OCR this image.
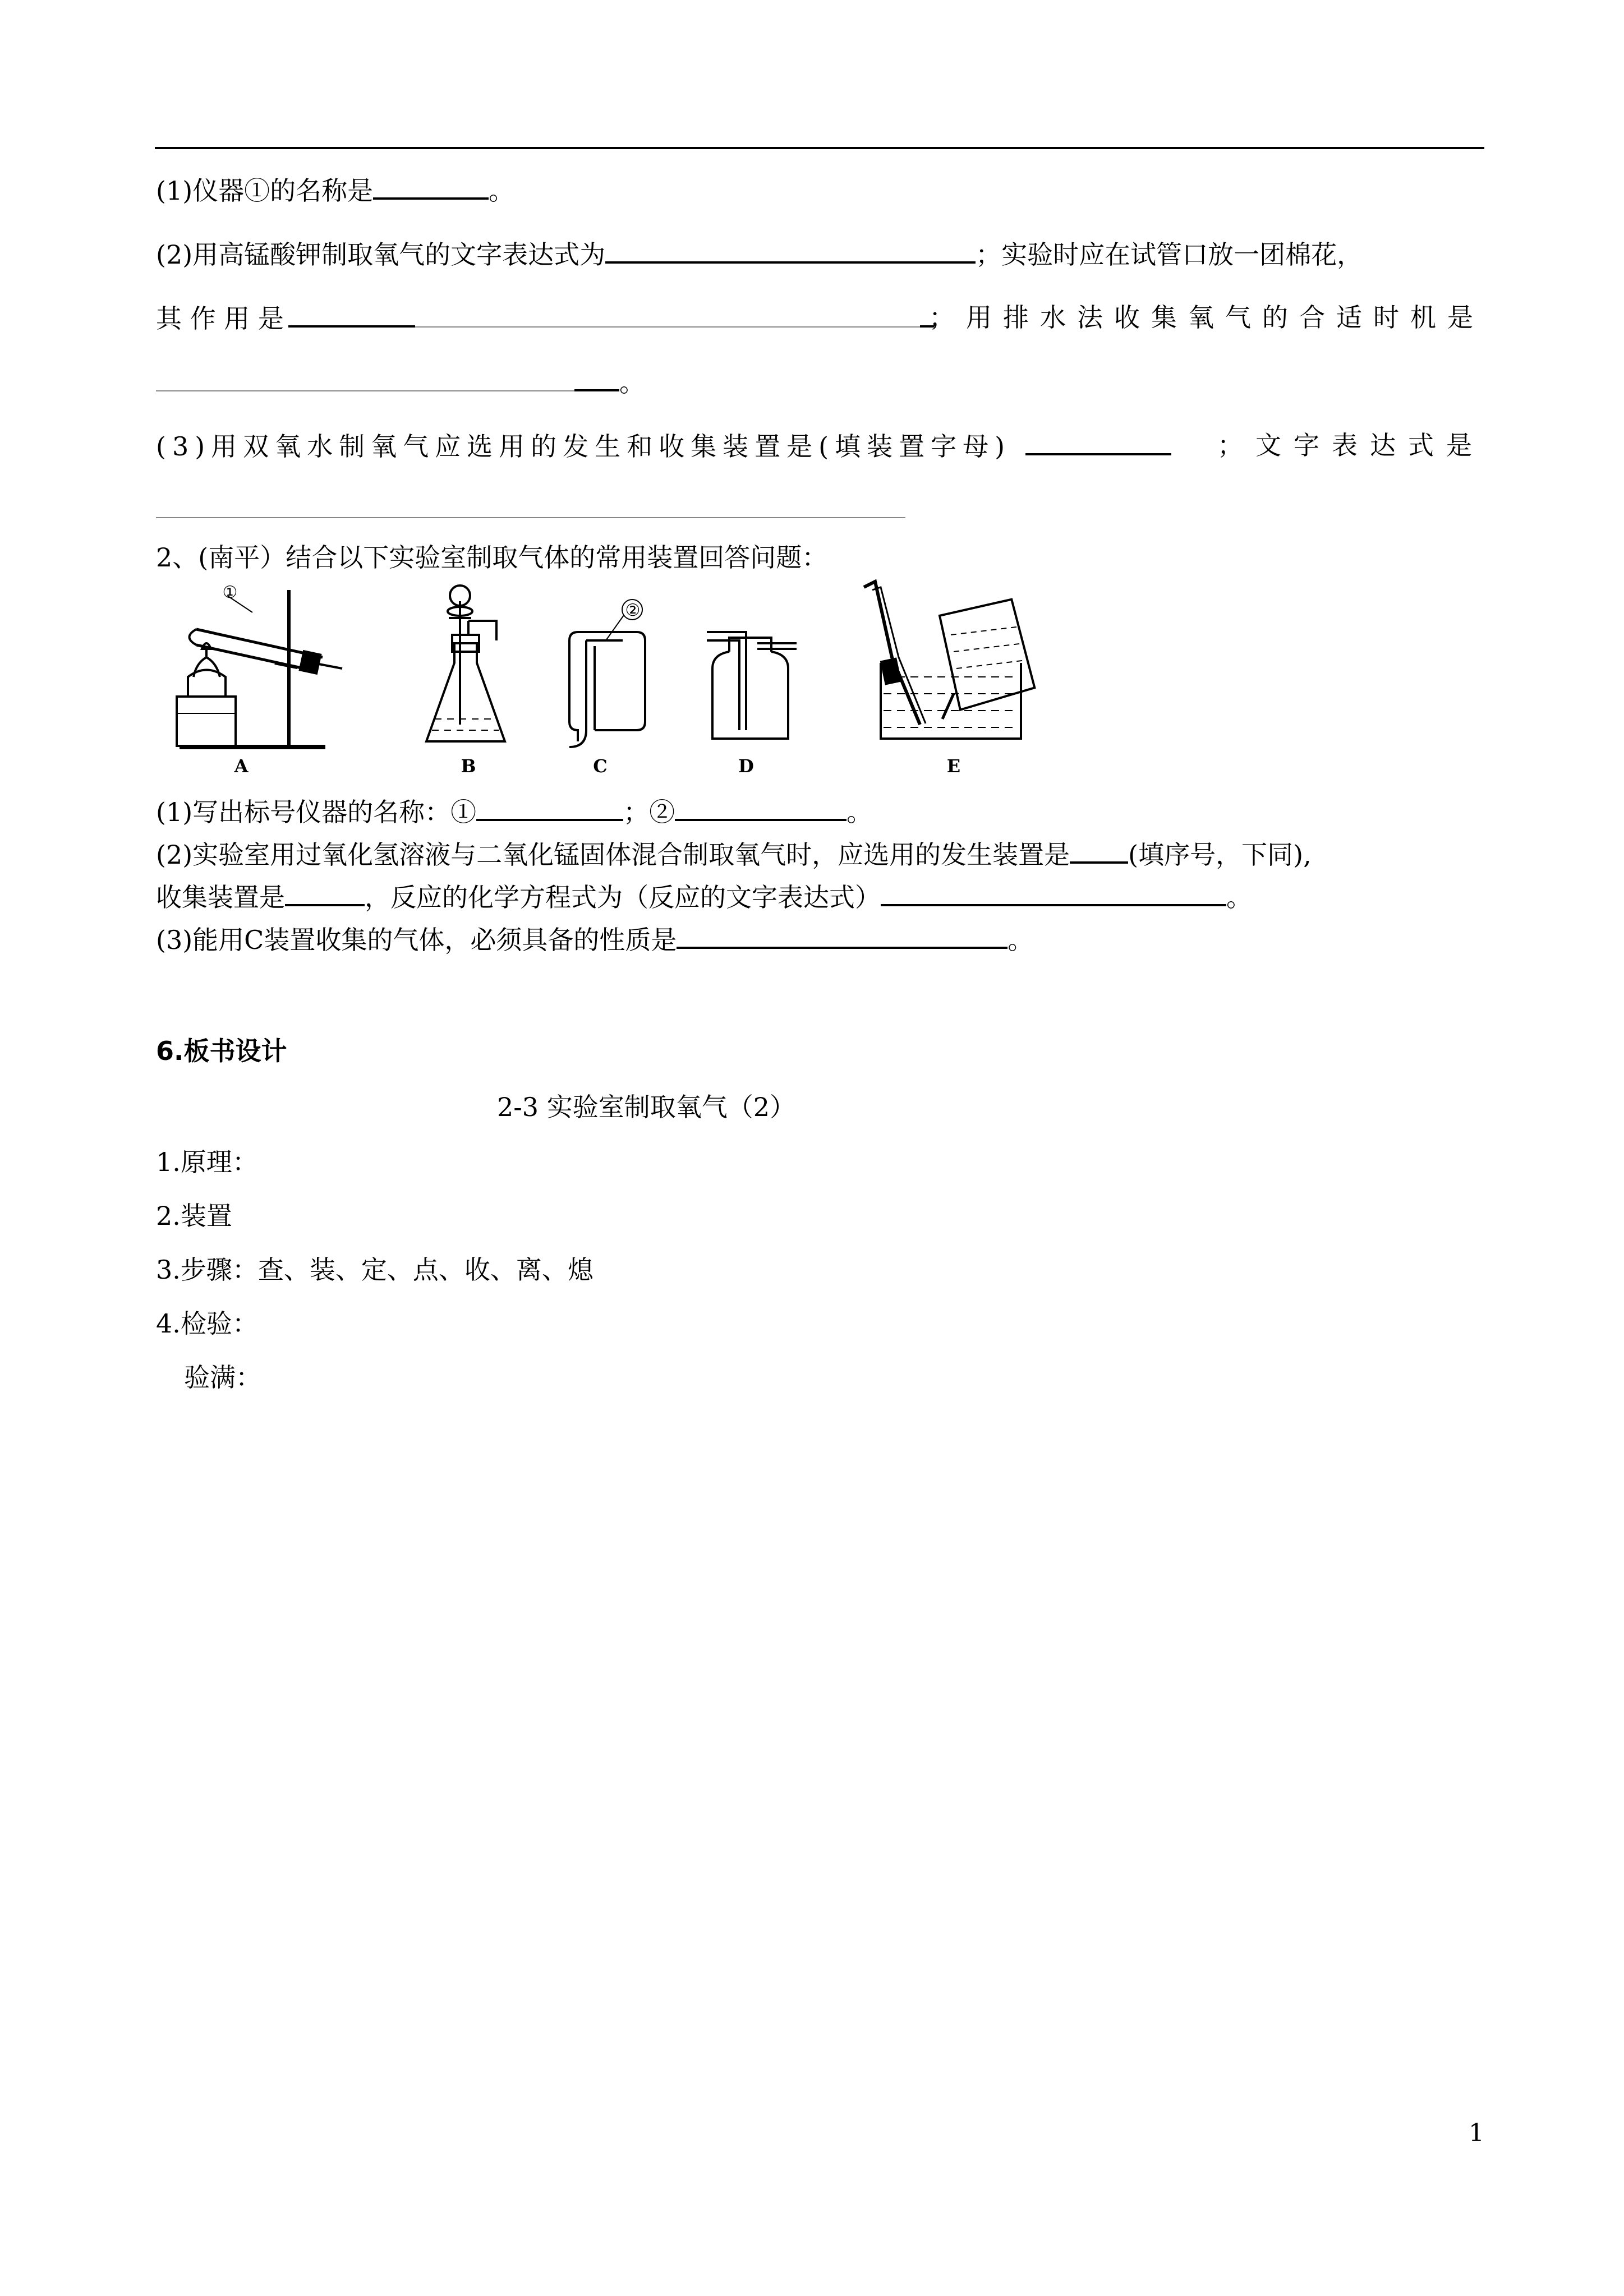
(1)仪器①的名称是	。
(2)用高锰酸钾制取氧气的文字表达式为	；实验时应在试管口放一团棉花，
其 作 用 是	；用排水法收集氧气的合适时机是
。
(3)用双氧水制氧气应选用的发生和收集装置是(填装置字母)	；文字表达式是
2、(南平）结合以下实验室制取气体的常用装置回答问题：
①
②
A	B	C	D	E
(1)写出标号仪器的名称：①	；②	。
(2)实验室用过氧化氢溶液与二氧化锰固体混合制取氧气时，应选用的发生装置是 (填序号，下同),
收集装置是	，反应的化学方程式为（反应的文字表达式）	。
(3)能用C装置收集的气体，必须具备的性质是	。
6.板书设计
2-3 实验室制取氧气（2）
1.原理：
2.装置
3.步骤：查、装、定、点、收、离、熄
4.检验：
验满：
1
